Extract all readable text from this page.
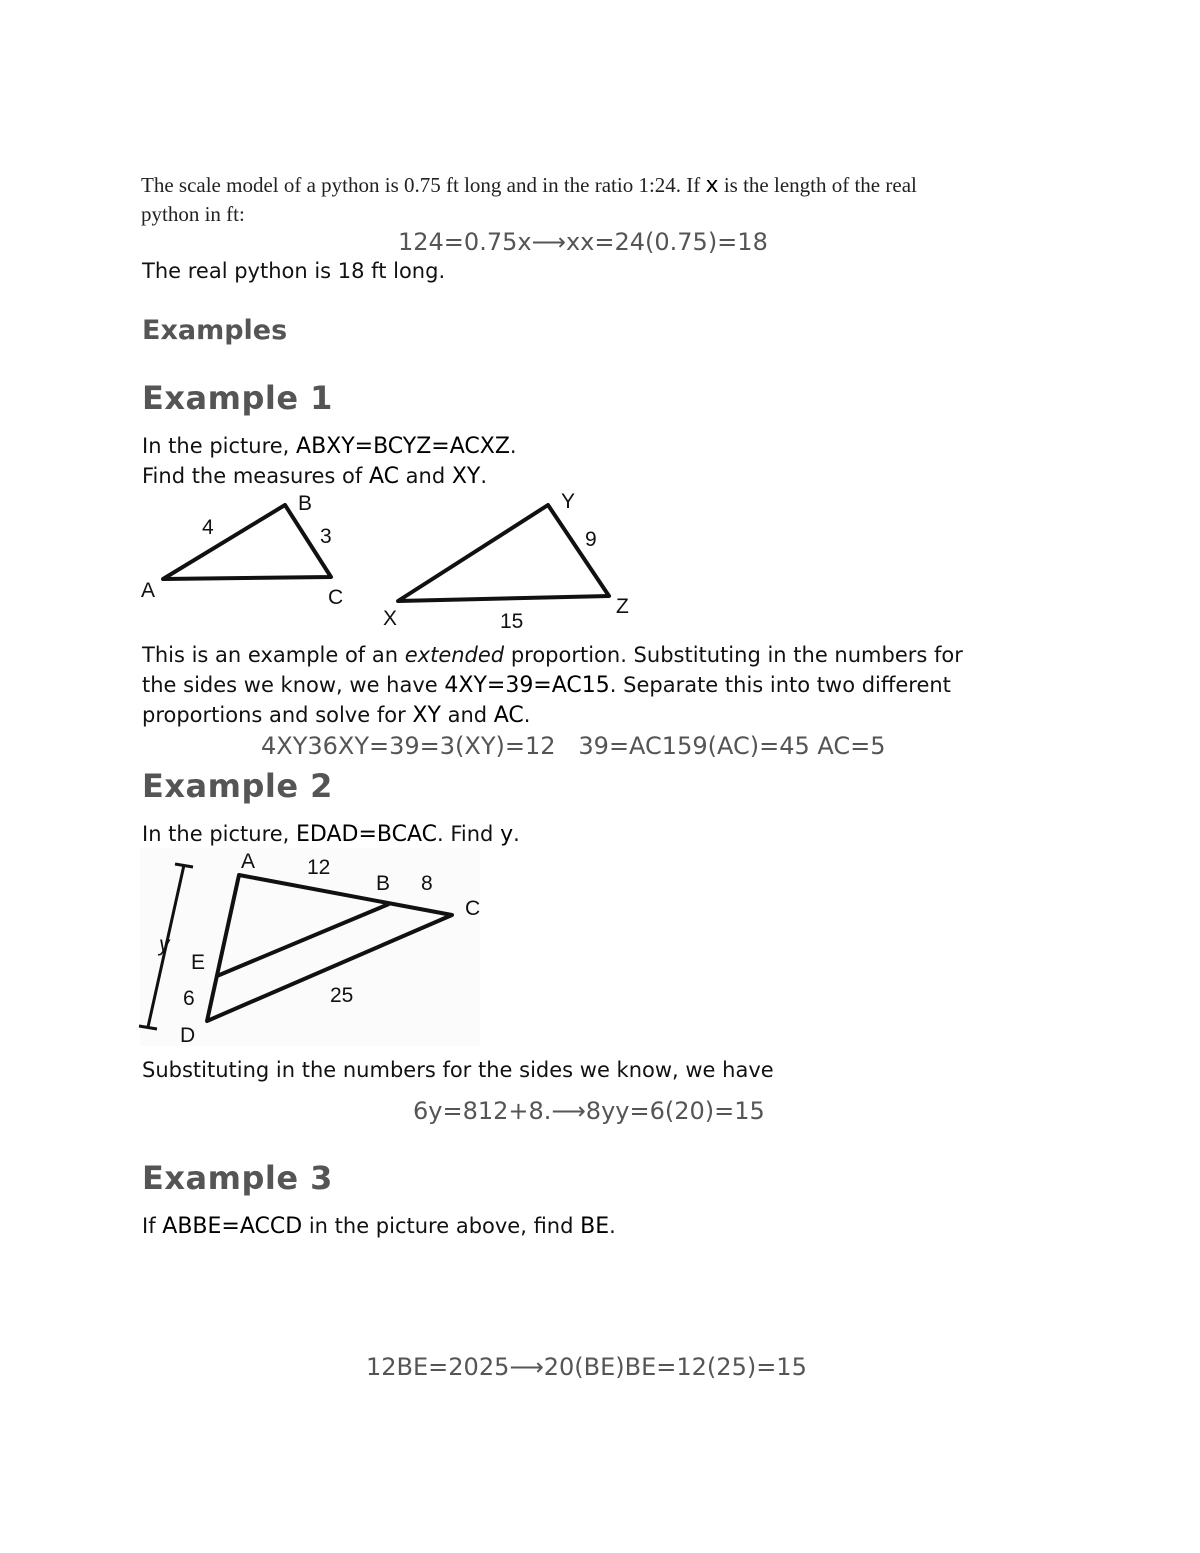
The scale model of a python is 0.75 ft long and in the ratio 1:24. If x is the length of the real
python in ft:
124=0.75x⟶xx=24(0.75)=18
The real python is 18 ft long.
Examples
Example 1
In the picture, ABXY=BCYZ=ACXZ.
Find the measures of AC and XY.
A
B
C
4	3
X
Y
Z
9
15
This is an example of an extended proportion. Substituting in the numbers for
the sides we know, we have 4XY=39=AC15. Separate this into two different
proportions and solve for XY and AC.
4XY36XY=39=3(XY)=12   39=AC159(AC)=45 AC=5
Example 2
In the picture, EDAD=BCAC. Find y.
A 12
B 8
C
E
6	25
D
y
Substituting in the numbers for the sides we know, we have
6y=812+8.⟶8yy=6(20)=15
Example 3
If ABBE=ACCD in the picture above, find BE.
12BE=2025⟶20(BE)BE=12(25)=15
